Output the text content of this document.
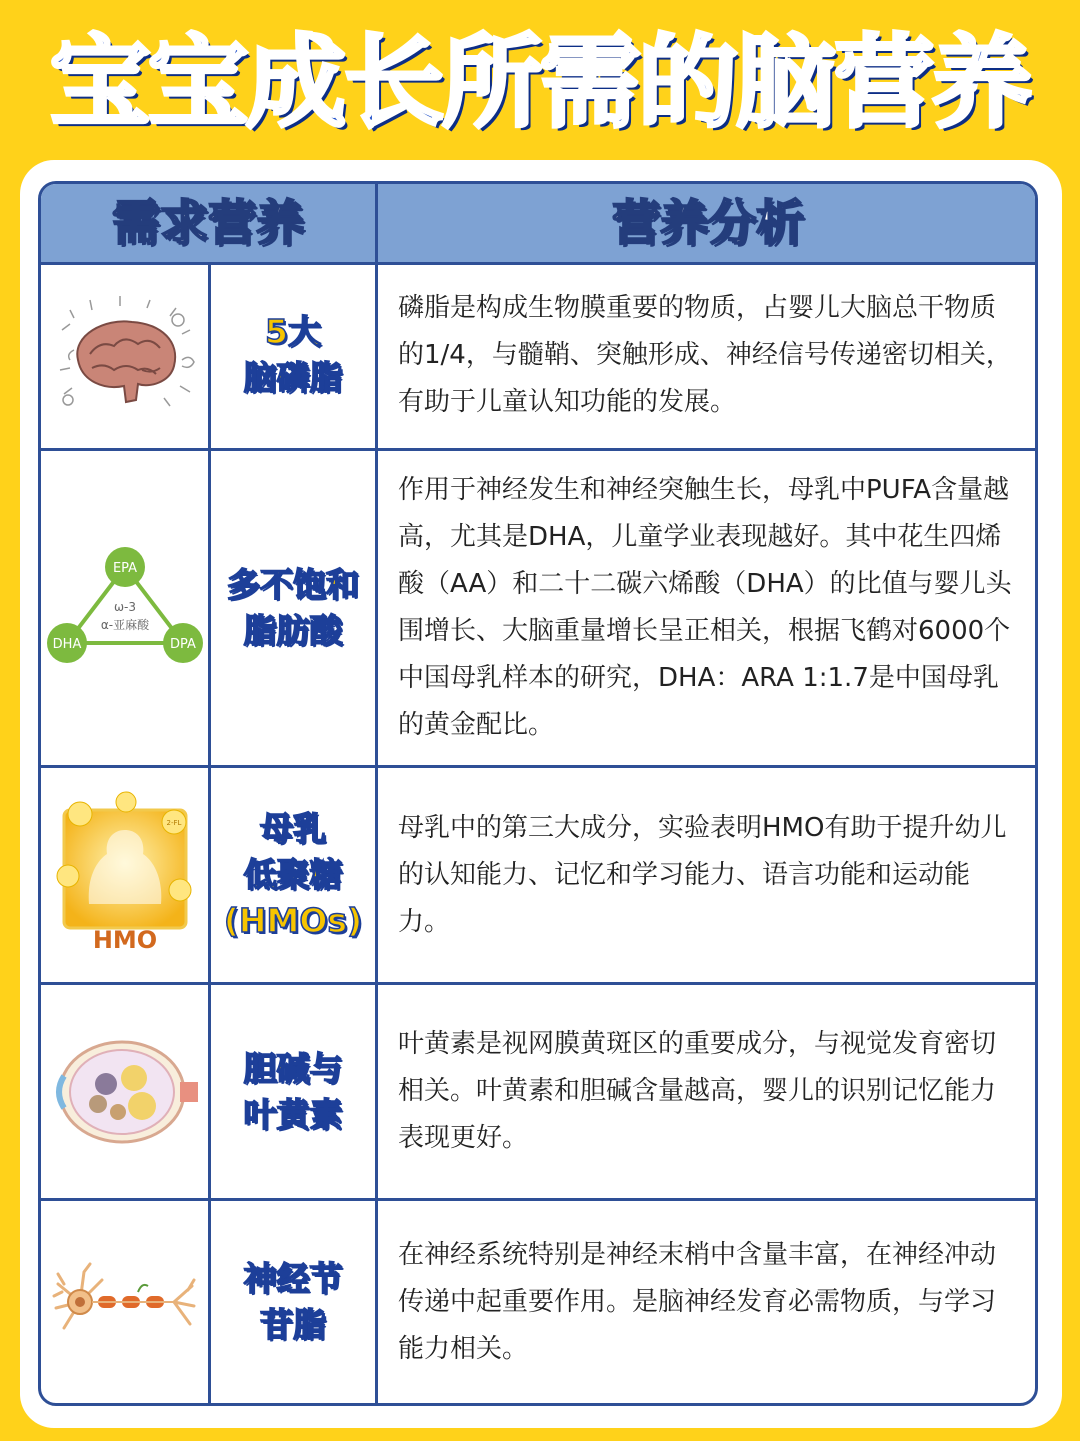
宝宝成长所需的脑营养
需求营养	营养分析
5大
脑磷脂
磷脂是构成生物膜重要的物质，占婴儿大脑总干物质的1/4，与髓鞘、突触形成、神经信号传递密切相关，有助于儿童认知功能的发展。
EPA
DHA	DPA
ω-3
α-亚麻酸
多不饱和
脂肪酸
作用于神经发生和神经突触生长，母乳中PUFA含量越高，尤其是DHA，儿童学业表现越好。其中花生四烯酸（AA）和二十二碳六烯酸（DHA）的比值与婴儿头围增长、大脑重量增长呈正相关，根据飞鹤对6000个中国母乳样本的研究，DHA：ARA 1:1.7是中国母乳的黄金配比。
2-FL
HMO
母乳
低聚糖
(HMOs)
母乳中的第三大成分，实验表明HMO有助于提升幼儿的认知能力、记忆和学习能力、语言功能和运动能力。
胆碱与
叶黄素
叶黄素是视网膜黄斑区的重要成分，与视觉发育密切相关。叶黄素和胆碱含量越高，婴儿的识别记忆能力表现更好。
神经节
苷脂
在神经系统特别是神经末梢中含量丰富，在神经冲动传递中起重要作用。是脑神经发育必需物质，与学习能力相关。
